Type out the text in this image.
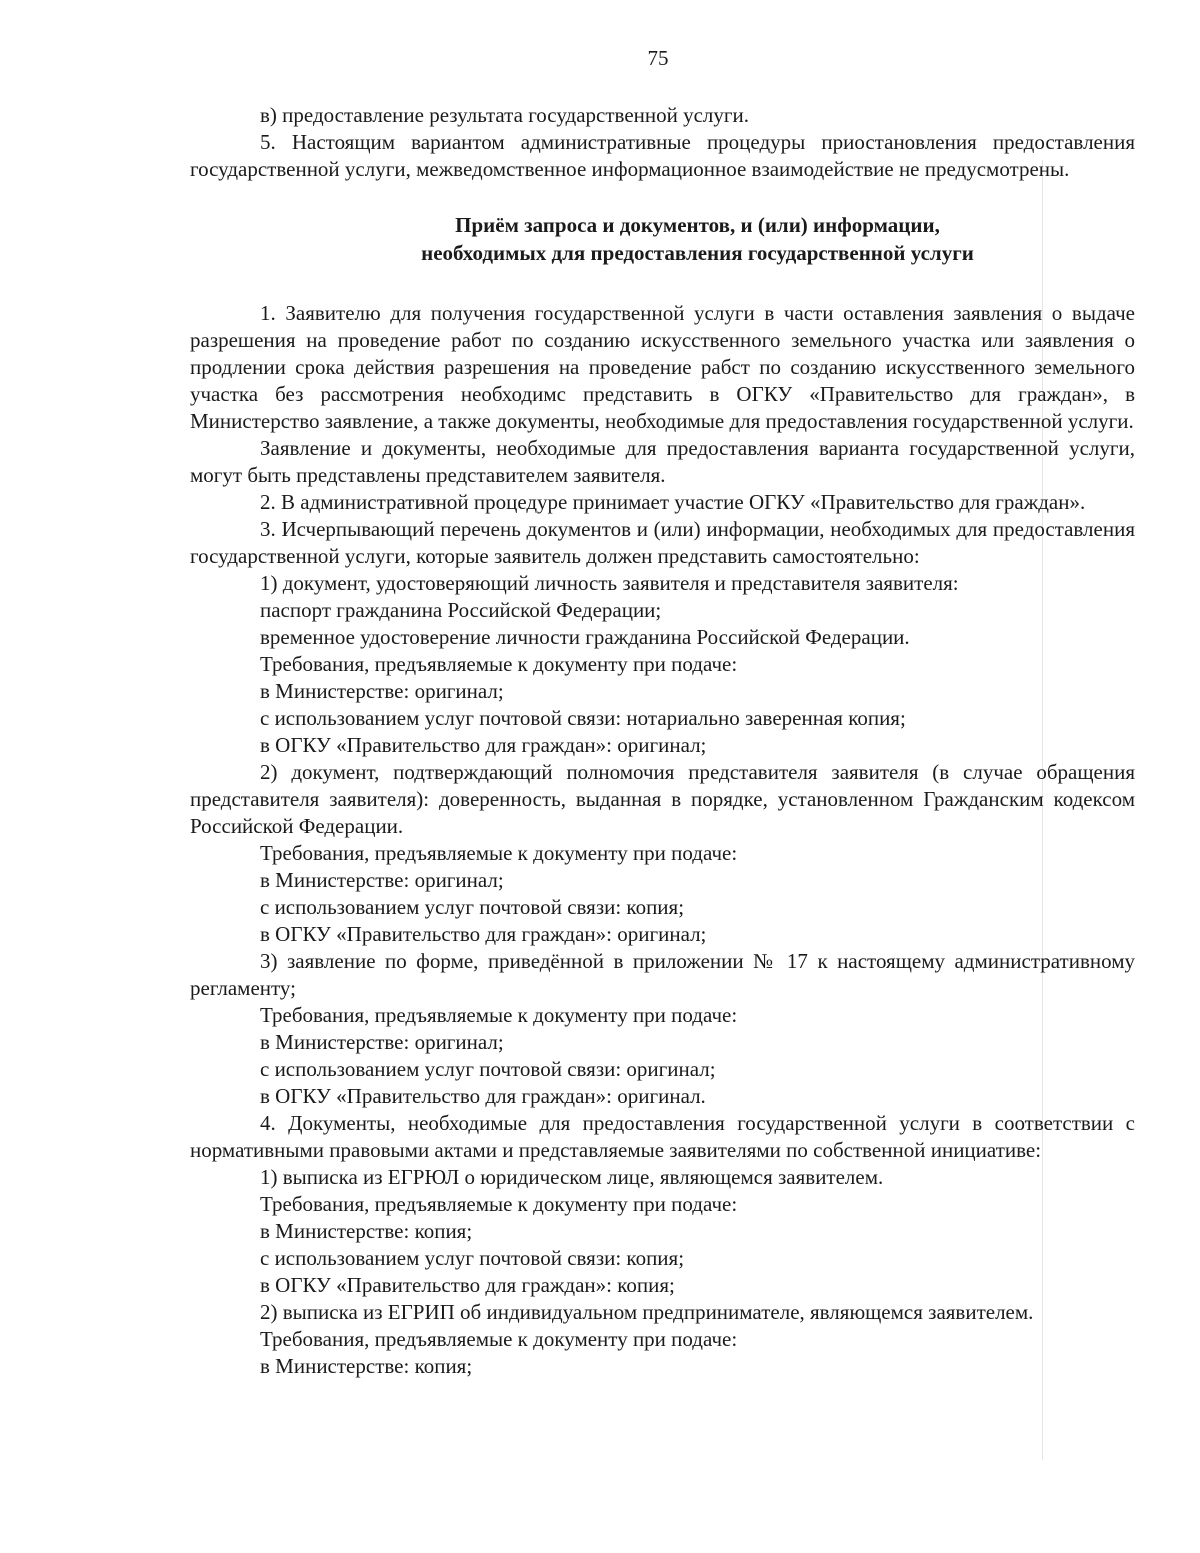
75

в) предоставление результата государственной услуги.

5. Настоящим вариантом административные процедуры приостановления предоставления государственной услуги, межведомственное информационное взаимодействие не предусмотрены.

Приём запроса и документов, и (или) информации,
необходимых для предоставления государственной услуги

1. Заявителю для получения государственной услуги в части оставления заявления о выдаче разрешения на проведение работ по созданию искусственного земельного участка или заявления о продлении срока действия разрешения на проведение рабст по созданию искусственного земельного участка без рассмотрения необходимс представить в ОГКУ «Правительство для граждан», в Министерство заявление, а также документы, необходимые для предоставления государственной услуги.

Заявление и документы, необходимые для предоставления варианта государственной услуги, могут быть представлены представителем заявителя.

2. В административной процедуре принимает участие ОГКУ «Правительство для граждан».

3. Исчерпывающий перечень документов и (или) информации, необходимых для предоставления государственной услуги, которые заявитель должен представить самостоятельно:

1) документ, удостоверяющий личность заявителя и представителя заявителя:

паспорт гражданина Российской Федерации;

временное удостоверение личности гражданина Российской Федерации.

Требования, предъявляемые к документу при подаче:

в Министерстве: оригинал;

с использованием услуг почтовой связи: нотариально заверенная копия;

в ОГКУ «Правительство для граждан»: оригинал;

2) документ, подтверждающий полномочия представителя заявителя (в случае обращения представителя заявителя): доверенность, выданная в порядке, установленном Гражданским кодексом Российской Федерации.

Требования, предъявляемые к документу при подаче:

в Министерстве: оригинал;

с использованием услуг почтовой связи: копия;

в ОГКУ «Правительство для граждан»: оригинал;

3) заявление по форме, приведённой в приложении № 17 к настоящему административному регламенту;

Требования, предъявляемые к документу при подаче:

в Министерстве: оригинал;

с использованием услуг почтовой связи: оригинал;

в ОГКУ «Правительство для граждан»: оригинал.

4. Документы, необходимые для предоставления государственной услуги в соответствии с нормативными правовыми актами и представляемые заявителями по собственной инициативе:

1) выписка из ЕГРЮЛ о юридическом лице, являющемся заявителем.

Требования, предъявляемые к документу при подаче:

в Министерстве: копия;

с использованием услуг почтовой связи: копия;

в ОГКУ «Правительство для граждан»: копия;

2) выписка из ЕГРИП об индивидуальном предпринимателе, являющемся заявителем.

Требования, предъявляемые к документу при подаче:

в Министерстве: копия;
